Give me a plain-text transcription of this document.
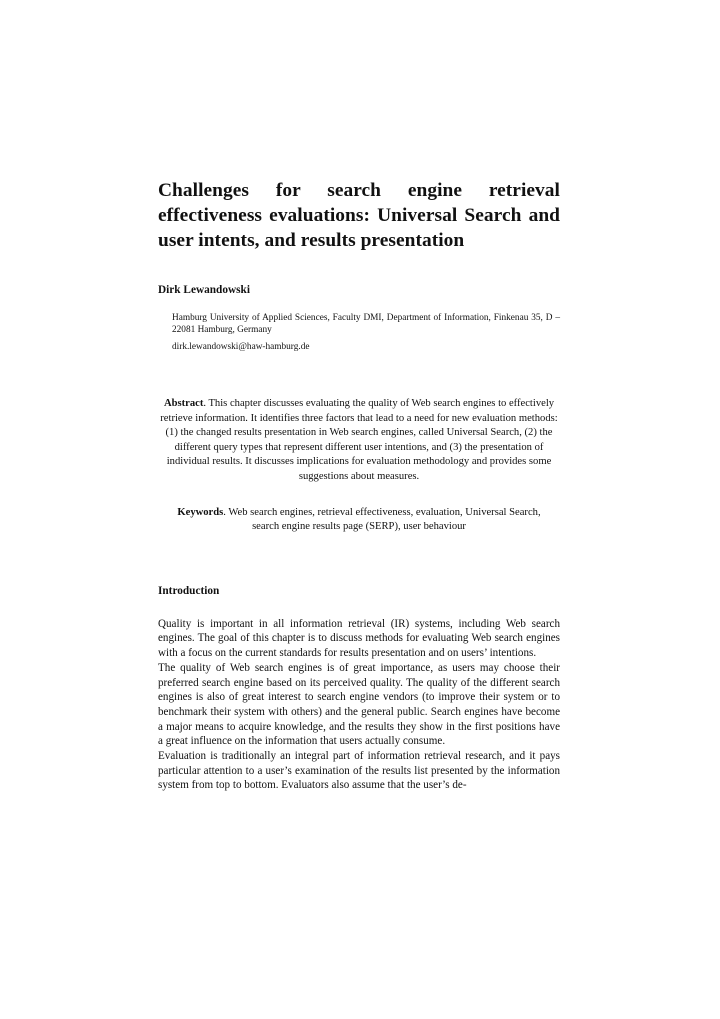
Challenges for search engine retrieval effectiveness evaluations: Universal Search and user intents, and results presentation
Dirk Lewandowski
Hamburg University of Applied Sciences, Faculty DMI, Department of Information, Finkenau 35, D – 22081 Hamburg, Germany
dirk.lewandowski@haw-hamburg.de
Abstract. This chapter discusses evaluating the quality of Web search engines to effectively retrieve information. It identifies three factors that lead to a need for new evaluation methods: (1) the changed results presentation in Web search engines, called Universal Search, (2) the different query types that represent different user intentions, and (3) the presentation of individual results. It discusses implications for evaluation methodology and provides some suggestions about measures.
Keywords. Web search engines, retrieval effectiveness, evaluation, Universal Search, search engine results page (SERP), user behaviour
Introduction

Quality is important in all information retrieval (IR) systems, including Web search engines. The goal of this chapter is to discuss methods for evaluating Web search engines with a focus on the current standards for results presentation and on users’ intentions.

The quality of Web search engines is of great importance, as users may choose their preferred search engine based on its perceived quality. The quality of the different search engines is also of great interest to search engine vendors (to improve their system or to benchmark their system with others) and the general public. Search engines have become a major means to acquire knowledge, and the results they show in the first positions have a great influence on the information that users actually consume.

Evaluation is traditionally an integral part of information retrieval research, and it pays particular attention to a user’s examination of the results list presented by the information system from top to bottom. Evaluators also assume that the user’s de-
